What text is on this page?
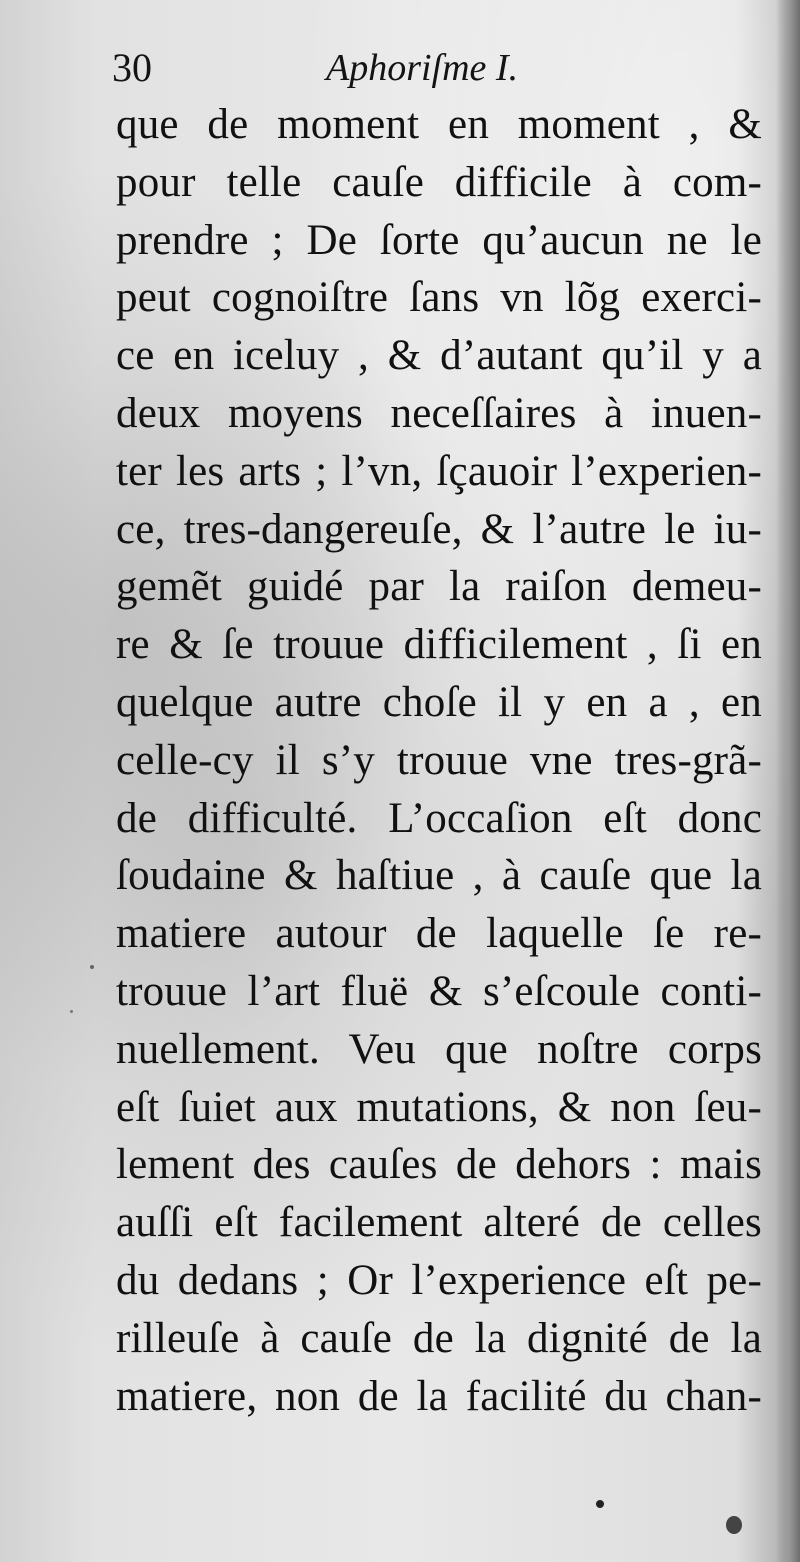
30	Aphoriſme I.
que de moment en moment , &
pour telle cauſe difficile à com-
prendre ; De ſorte qu’aucun ne le
peut cognoiſtre ſans vn lõg exerci-
ce en iceluy , & d’autant qu’il y a
deux moyens neceſſaires à inuen-
ter les arts ; l’vn, ſçauoir l’experien-
ce, tres-dangereuſe, & l’autre le iu-
gemẽt guidé par la raiſon demeu-
re & ſe trouue difficilement , ſi en
quelque autre choſe il y en a , en
celle-cy il s’y trouue vne tres-grã-
de difficulté. L’occaſion eſt donc
ſoudaine & haſtiue , à cauſe que la
matiere autour de laquelle ſe re-
trouue l’art fluë & s’eſcoule conti-
nuellement. Veu que noſtre corps
eſt ſuiet aux mutations, & non ſeu-
lement des cauſes de dehors : mais
auſſi eſt facilement alteré de celles
du dedans ; Or l’experience eſt pe-
rilleuſe à cauſe de la dignité de la
matiere, non de la facilité du chan-
